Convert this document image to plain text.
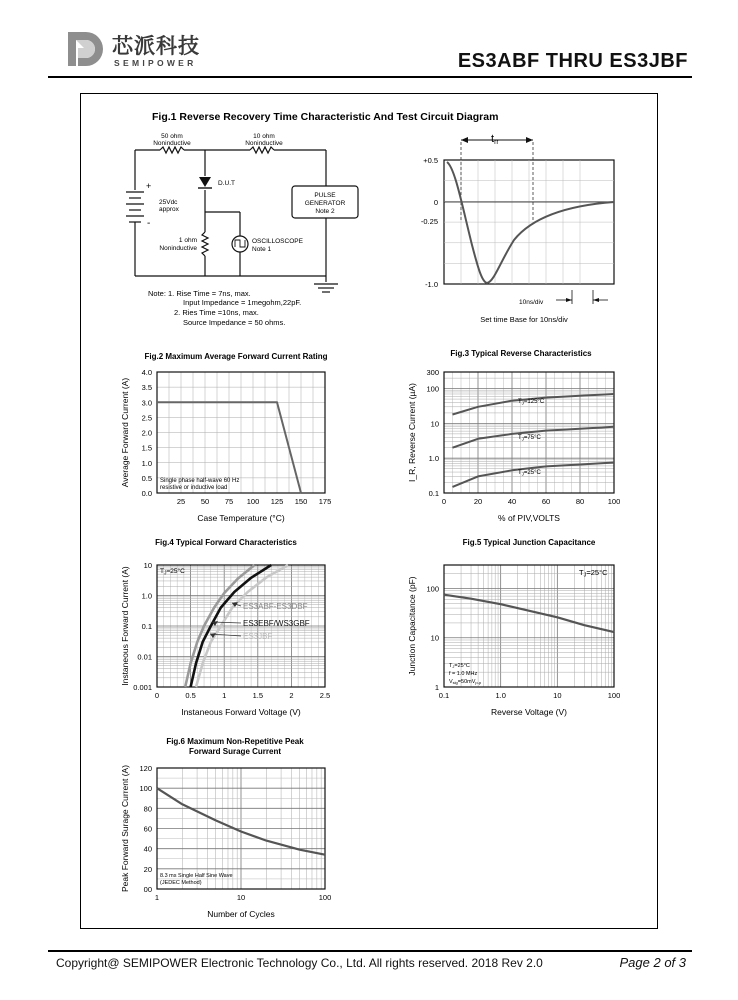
芯派科技
SEMIPOWER	ES3ABF THRU ES3JBF
Fig.1 Reverse Recovery Time Characteristic And Test Circuit Diagram
50 ohm
Noninductive
10 ohm
Noninductive
+
-
25Vdc
approx
D.U.T
PULSE
GENERATOR
Note 2
1 ohm
Noninductive
OSCILLOSCOPE
Note 1
Note: 1. Rise Time = 7ns, max.
Input Impedance = 1megohm,22pF.
2. Ries Time =10ns, max.
Source Impedance = 50 ohms.
trr
+0.5
0
-0.25
-1.0
10ns/div
Set time Base for 10ns/div
25 50 75 100 125 150 175
0.0
0.5
1.0
1.5
2.0
2.5
3.0
3.5
4.0
Single phase half-wave 60 Hz
resistive or inductive load
Fig.2 Maximum Average Forward Current Rating
Case Temperature (°C)
Average Forward Current (A)	$T_J=125^\circ C$
$T_J=75^\circ C$
$T_J=25^\circ C$
0	20	40	60	80	100
300
100
10
1.0
0.1
Fig.3 Typical Reverse Characteristics
% of PIV,VOLTS
I_R, Reverse Current (µA)
ES3ABF-ES3DBF
ES3EBF/WS3GBF
ES3JBF
$T_J=25^\circ C$
0	0.5	1	1.5	2	2.5
10
1.0
0.1
0.01
0.001
Fig.4 Typical Forward Characteristics
Instaneous Forward Voltage (V)
Instaneous Forward Current (A)	$T_J=25^\circ C$
TJ=25°C
f = 1.0 MHz
Vsig=50mVp-p
0.1	1.0	10	100
100
10
1
Fig.5 Typical Junction Capacitance
Reverse Voltage (V)
Junction Capacitance (pF)
8.3 ms Single Half Sine Wave
(JEDEC Method)
1	10	100
120
100
80
60
40
20
00
Fig.6 Maximum Non-Repetitive Peak
Forward Surage Current
Number of Cycles
Peak Forward Surage Current (A)
Copyright@ SEMIPOWER Electronic Technology Co., Ltd. All rights reserved. 2018 Rev 2.0	Page 2 of 3
